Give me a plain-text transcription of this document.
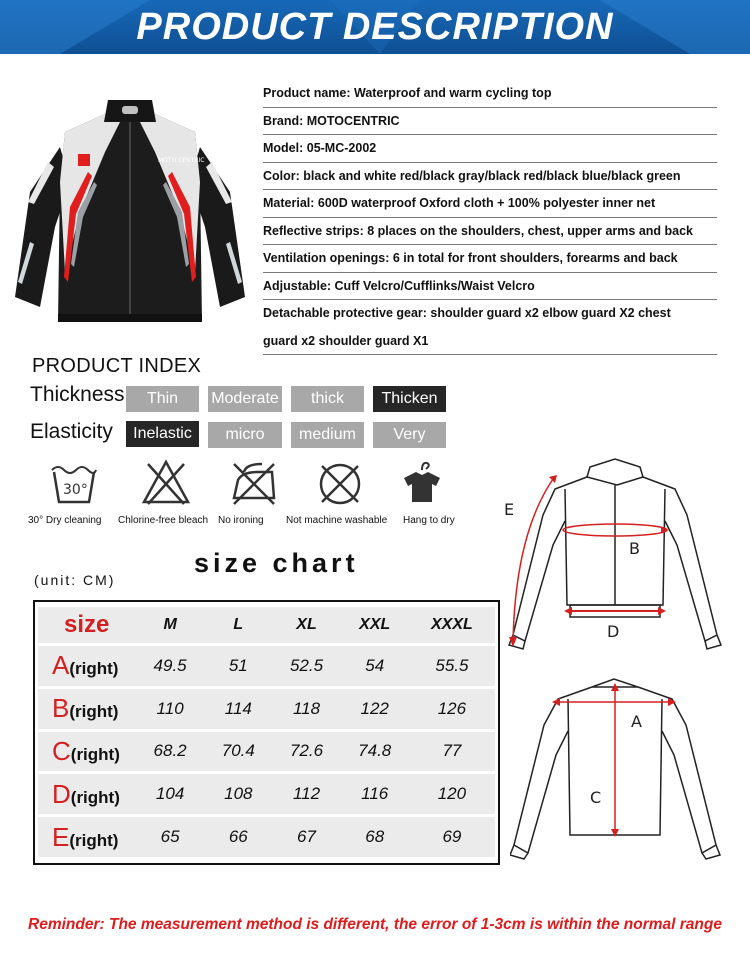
PRODUCT DESCRIPTION
MOTO CENTRIC
Product name: Waterproof and warm cycling top
Brand: MOTOCENTRIC
Model: 05-MC-2002
Color: black and white red/black gray/black red/black blue/black green
Material: 600D waterproof Oxford cloth + 100% polyester inner net
Reflective strips: 8 places on the shoulders, chest, upper arms and back
Ventilation openings: 6 in total for front shoulders, forearms and back
Adjustable: Cuff Velcro/Cufflinks/Waist Velcro
Detachable protective gear: shoulder guard x2 elbow guard X2 chest
guard x2 shoulder guard X1
PRODUCT INDEX
Thickness	Thin	Moderate	thick	Thicken
Elasticity	Inelastic	micro	medium	Very
30°
30° Dry cleaning Chlorine-free bleach No ironing Not machine washable Hang to dry
size chart
(unit: CM)
size	M	L	XL	XXL	XXXL
A(right)	49.5	51	52.5	54	55.5
B(right)	110	114	118	122	126
C(right)	68.2	70.4	72.6	74.8	77
D(right)	104	108	112	116	120
E(right)	65	66	67	68	69
B
D
E
A
C
Reminder: The measurement method is different, the error of 1-3cm is within the normal range
